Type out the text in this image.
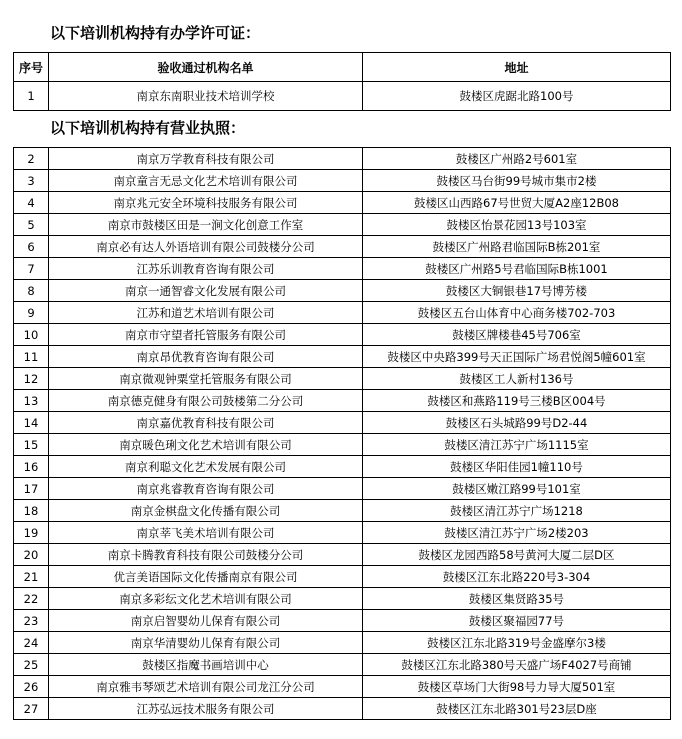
以下培训机构持有办学许可证：
序号	验收通过机构名单	地址
1	南京东南职业技术培训学校	鼓楼区虎踞北路100号
以下培训机构持有营业执照：
2	南京万学教育科技有限公司	鼓楼区广州路2号601室
3	南京童言无忌文化艺术培训有限公司	鼓楼区马台街99号城市集市2楼
4	南京兆元安全环境科技服务有限公司	鼓楼区山西路67号世贸大厦A2座12B08
5	南京市鼓楼区田是一涧文化创意工作室	鼓楼区怡景花园13号103室
6	南京必有达人外语培训有限公司鼓楼分公司	鼓楼区广州路君临国际B栋201室
7	江苏乐训教育咨询有限公司	鼓楼区广州路5号君临国际B栋1001
8	南京一通智睿文化发展有限公司	鼓楼区大铜银巷17号博芳楼
9	江苏和道艺术培训有限公司	鼓楼区五台山体育中心商务楼702-703
10	南京市守望者托管服务有限公司	鼓楼区牌楼巷45号706室
11	南京昂优教育咨询有限公司	鼓楼区中央路399号天正国际广场君悦阁5幢601室
12	南京微观钟粟堂托管服务有限公司	鼓楼区工人新村136号
13	南京德克健身有限公司鼓楼第二分公司	鼓楼区和燕路119号三楼B区004号
14	南京嘉优教育科技有限公司	鼓楼区石头城路99号D2-44
15	南京暖色琍文化艺术培训有限公司	鼓楼区清江苏宁广场1115室
16	南京利聪文化艺术发展有限公司	鼓楼区华阳佳园1幢110号
17	南京兆睿教育咨询有限公司	鼓楼区嫩江路99号101室
18	南京金棋盘文化传播有限公司	鼓楼区清江苏宁广场1218
19	南京莘飞美术培训有限公司	鼓楼区清江苏宁广场2楼203
20	南京卡腾教育科技有限公司鼓楼分公司	鼓楼区龙园西路58号黄河大厦二层D区
21	优言美语国际文化传播南京有限公司	鼓楼区江东北路220号3-304
22	南京多彩纭文化艺术培训有限公司	鼓楼区集贤路35号
23	南京启智婴幼儿保育有限公司	鼓楼区聚福园77号
24	南京华清婴幼儿保育有限公司	鼓楼区江东北路319号金盛摩尔3楼
25	鼓楼区指魔书画培训中心	鼓楼区江东北路380号天盛广场F4027号商铺
26	南京雅韦琴颂艺术培训有限公司龙江分公司	鼓楼区草场门大街98号力导大厦501室
27	江苏弘远技术服务有限公司	鼓楼区江东北路301号23层D座
